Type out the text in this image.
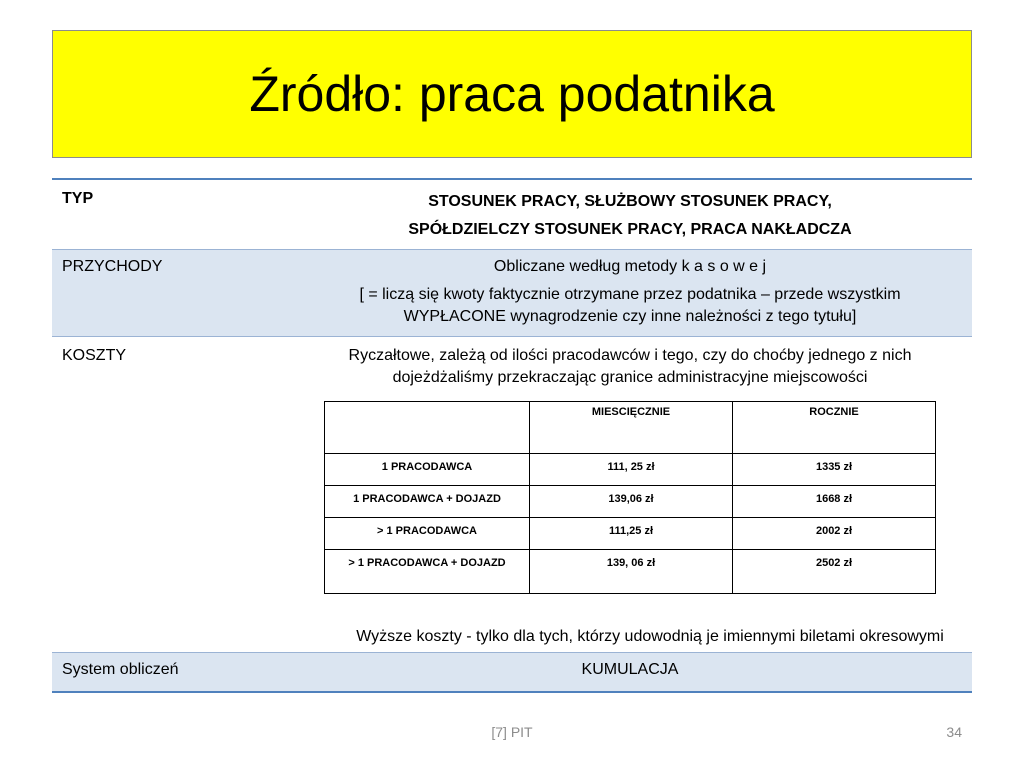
Źródło: praca podatnika
TYP	STOSUNEK PRACY, SŁUŻBOWY STOSUNEK PRACY,
SPÓŁDZIELCZY STOSUNEK PRACY, PRACA NAKŁADCZA

PRZYCHODY	Obliczane według metody k a s o w e j
[ = liczą się kwoty faktycznie otrzymane przez podatnika – przede wszystkim
WYPŁACONE wynagrodzenie czy inne należności z tego tytułu]

KOSZTY	Ryczałtowe, zależą od ilości pracodawców i tego, czy do choćby jednego z nich
dojeżdżaliśmy przekraczając granice administracyjne miejscowości
	MIESCIĘCZNIE	ROCZNIE
1 PRACODAWCA	111, 25 zł	1335 zł
1 PRACODAWCA + DOJAZD	139,06 zł	1668 zł
> 1 PRACODAWCA	111,25 zł	2002 zł
> 1 PRACODAWCA + DOJAZD	139, 06 zł	2502 zł
Wyższe koszty - tylko dla tych, którzy udowodnią je imiennymi biletami okresowymi

System obliczeń	KUMULACJA
[7] PIT	34
